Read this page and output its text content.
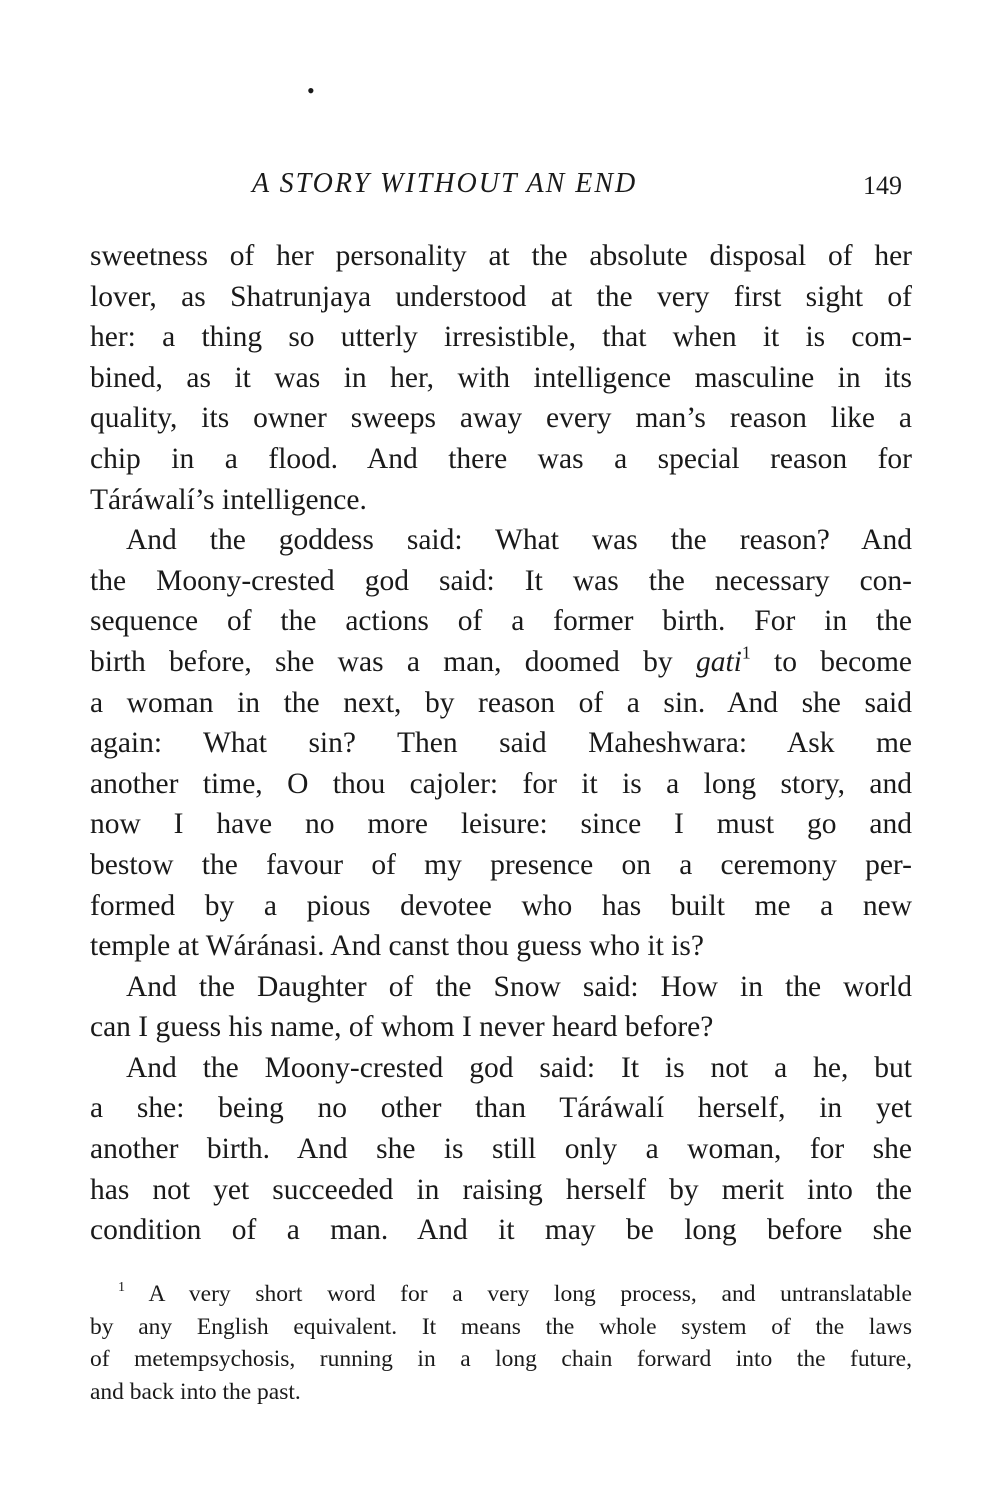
•
A STORY WITHOUT AN END	149
sweetness of her personality at the absolute disposal of her
lover, as Shatrunjaya understood at the very first sight of
her: a thing so utterly irresistible, that when it is com-
bined, as it was in her, with intelligence masculine in its
quality, its owner sweeps away every man’s reason like a
chip in a flood. And there was a special reason for
Táráwalí’s intelligence.
And the goddess said: What was the reason? And
the Moony-crested god said: It was the necessary con-
sequence of the actions of a former birth. For in the
birth before, she was a man, doomed by gati$^1$ to become
a woman in the next, by reason of a sin. And she said
again: What sin? Then said Maheshwara: Ask me
another time, O thou cajoler: for it is a long story, and
now I have no more leisure: since I must go and
bestow the favour of my presence on a ceremony per-
formed by a pious devotee who has built me a new
temple at Wáránasi. And canst thou guess who it is?
And the Daughter of the Snow said: How in the world
can I guess his name, of whom I never heard before?
And the Moony-crested god said: It is not a he, but
a she: being no other than Táráwalí herself, in yet
another birth. And she is still only a woman, for she
has not yet succeeded in raising herself by merit into the
condition of a man. And it may be long before she
$^1$ A very short word for a very long process, and untranslatable
by any English equivalent. It means the whole system of the laws
of metempsychosis, running in a long chain forward into the future,
and back into the past.
